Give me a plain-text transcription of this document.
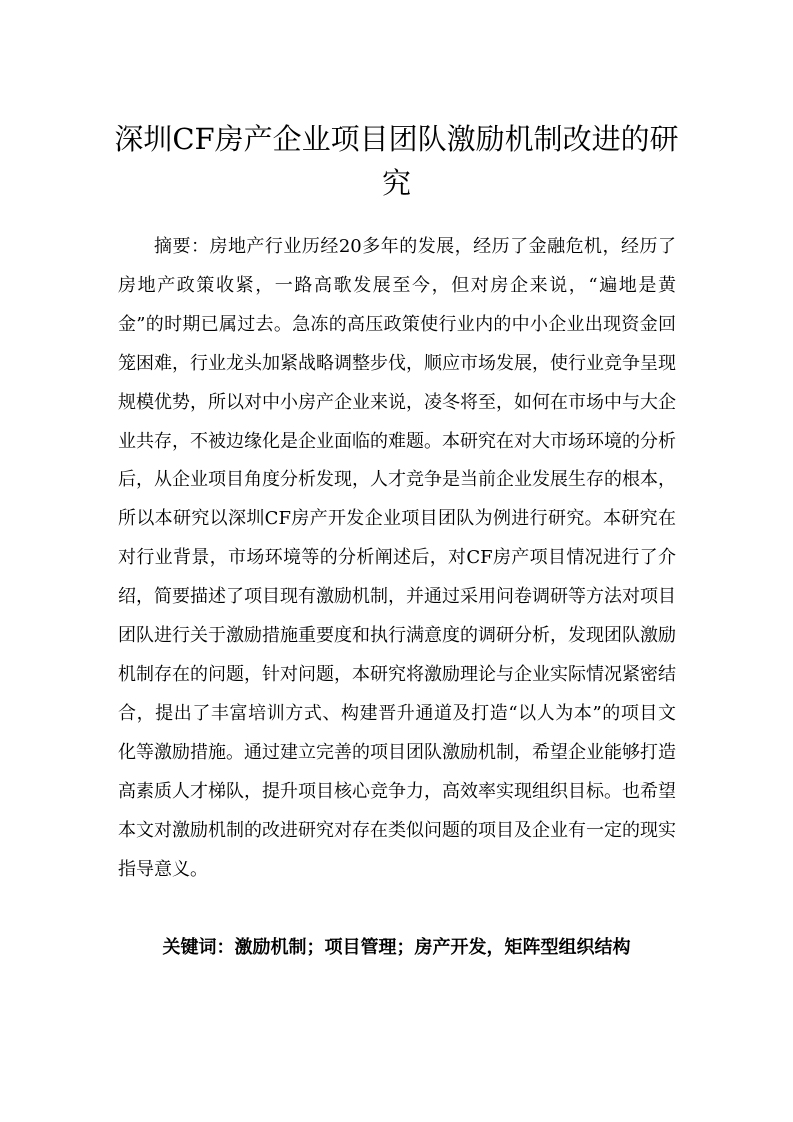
深圳CF房产企业项目团队激励机制改进的研究

摘要：房地产行业历经20多年的发展，经历了金融危机，经历了房地产政策收紧，一路高歌发展至今，但对房企来说，“遍地是黄金”的时期已属过去。急冻的高压政策使行业内的中小企业出现资金回笼困难，行业龙头加紧战略调整步伐，顺应市场发展，使行业竞争呈现规模优势，所以对中小房产企业来说，凌冬将至，如何在市场中与大企业共存，不被边缘化是企业面临的难题。本研究在对大市场环境的分析后，从企业项目角度分析发现，人才竞争是当前企业发展生存的根本，所以本研究以深圳CF房产开发企业项目团队为例进行研究。本研究在对行业背景，市场环境等的分析阐述后，对CF房产项目情况进行了介绍，简要描述了项目现有激励机制，并通过采用问卷调研等方法对项目团队进行关于激励措施重要度和执行满意度的调研分析，发现团队激励机制存在的问题，针对问题，本研究将激励理论与企业实际情况紧密结合，提出了丰富培训方式、构建晋升通道及打造“以人为本”的项目文化等激励措施。通过建立完善的项目团队激励机制，希望企业能够打造高素质人才梯队，提升项目核心竞争力，高效率实现组织目标。也希望本文对激励机制的改进研究对存在类似问题的项目及企业有一定的现实指导意义。

关键词：激励机制；项目管理；房产开发，矩阵型组织结构
